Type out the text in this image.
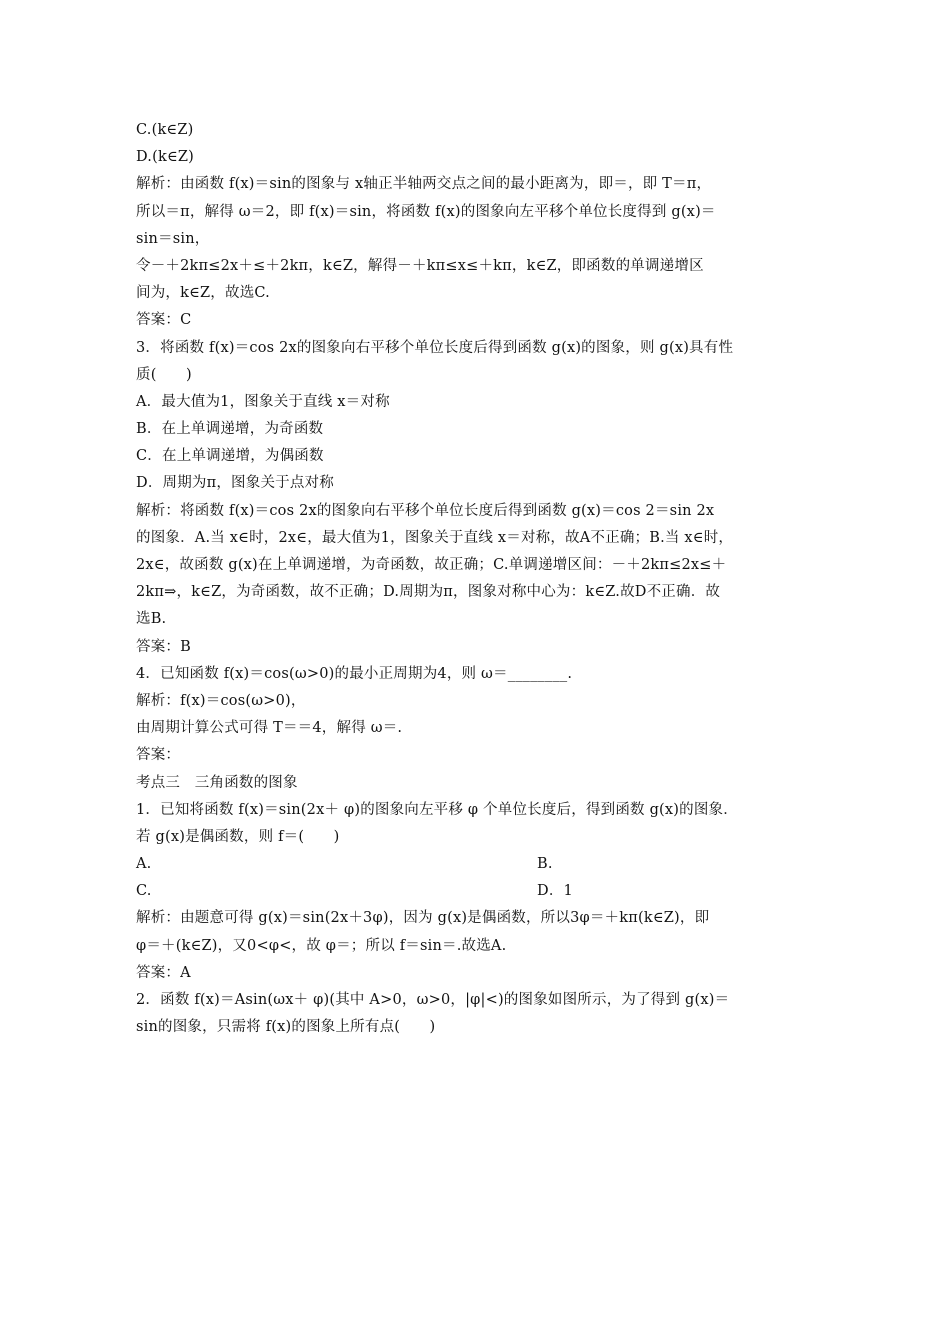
C.(k∈Z)
D.(k∈Z)
解析：由函数 f(x)＝sin的图象与 x轴正半轴两交点之间的最小距离为，即＝，即 T＝π，
所以＝π，解得 ω＝2，即 f(x)＝sin，将函数 f(x)的图象向左平移个单位长度得到 g(x)＝
sin＝sin，
令－＋2kπ≤2x＋≤＋2kπ，k∈Z，解得－＋kπ≤x≤＋kπ，k∈Z，即函数的单调递增区
间为，k∈Z，故选C.
答案：C
3．将函数 f(x)＝cos 2x的图象向右平移个单位长度后得到函数 g(x)的图象，则 g(x)具有性
质(　　)
A．最大值为1，图象关于直线 x＝对称
B．在上单调递增，为奇函数
C．在上单调递增，为偶函数
D．周期为π，图象关于点对称
解析：将函数 f(x)＝cos 2x的图象向右平移个单位长度后得到函数 g(x)＝cos 2＝sin 2x
的图象．A.当 x∈时，2x∈，最大值为1，图象关于直线 x＝对称，故A不正确；B.当 x∈时，
2x∈，故函数 g(x)在上单调递增，为奇函数，故正确；C.单调递增区间：－＋2kπ≤2x≤＋
2kπ⇒，k∈Z，为奇函数，故不正确；D.周期为π，图象对称中心为：k∈Z.故D不正确．故
选B.
答案：B
4．已知函数 f(x)＝cos(ω>0)的最小正周期为4，则 ω＝________.
解析：f(x)＝cos(ω>0)，
由周期计算公式可得 T＝＝4，解得 ω＝.
答案：
考点三　三角函数的图象
1．已知将函数 f(x)＝sin(2x＋ φ)的图象向左平移 φ 个单位长度后，得到函数 g(x)的图象．
若 g(x)是偶函数，则 f＝(　　)
A.	B.
C.	D．1
解析：由题意可得 g(x)＝sin(2x＋3φ)，因为 g(x)是偶函数，所以3φ＝＋kπ(k∈Z)，即
φ＝＋(k∈Z)，又0<φ<，故 φ＝；所以 f＝sin＝.故选A.
答案：A
2．函数 f(x)＝Asin(ωx＋ φ)(其中 A>0，ω>0，|φ|<)的图象如图所示，为了得到 g(x)＝
sin的图象，只需将 f(x)的图象上所有点(　　)
